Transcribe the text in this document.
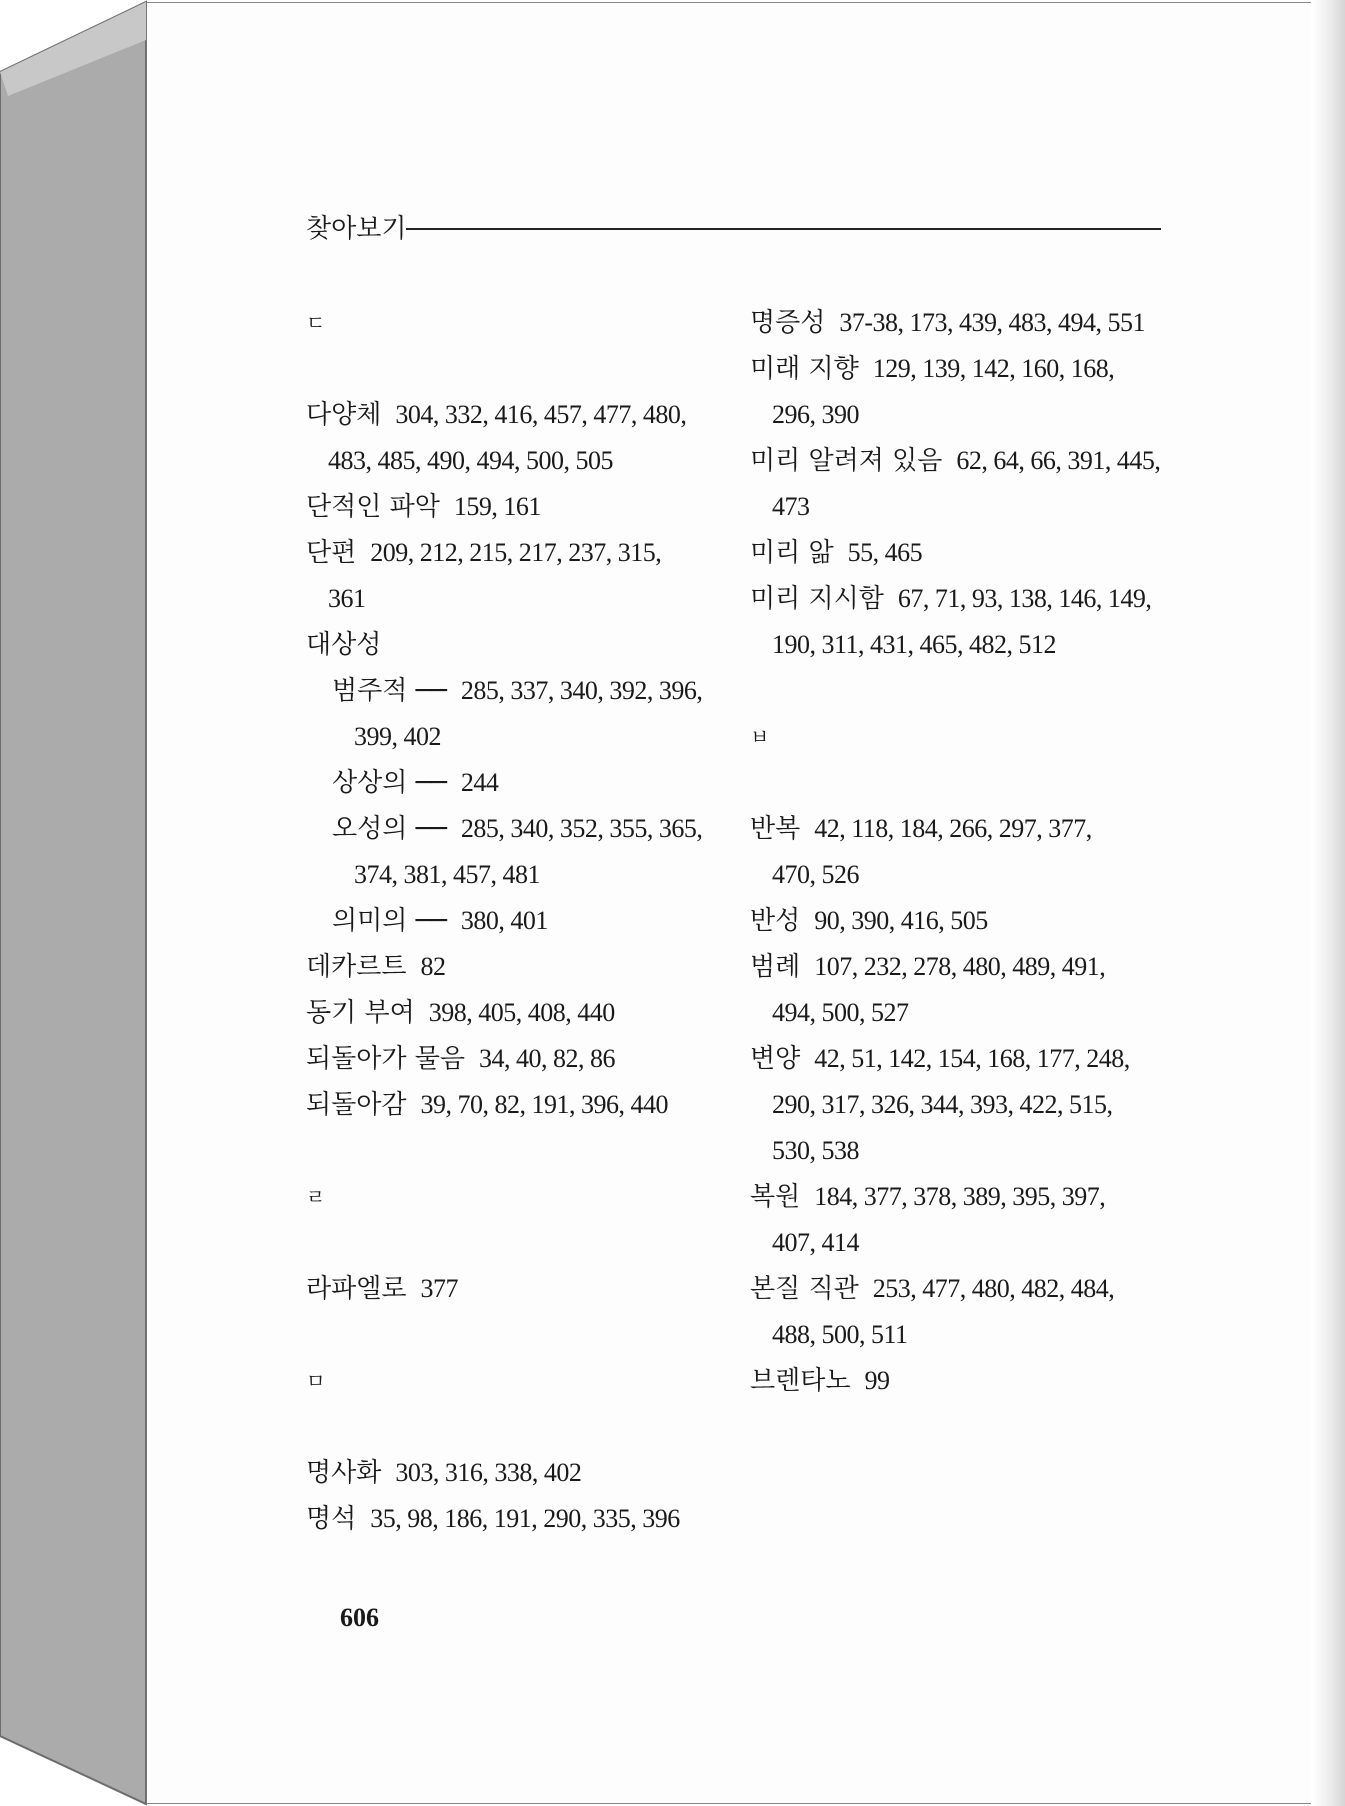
찾아보기
ㄷ
다양체 304, 332, 416, 457, 477, 480,
483, 485, 490, 494, 500, 505
단적인 파악 159, 161
단편 209, 212, 215, 217, 237, 315,
361
대상성
범주적 ── 285, 337, 340, 392, 396,
399, 402
상상의 ── 244
오성의 ── 285, 340, 352, 355, 365,
374, 381, 457, 481
의미의 ── 380, 401
데카르트 82
동기 부여 398, 405, 408, 440
되돌아가 물음 34, 40, 82, 86
되돌아감 39, 70, 82, 191, 396, 440
ㄹ
라파엘로 377
ㅁ
명사화 303, 316, 338, 402
명석 35, 98, 186, 191, 290, 335, 396
명증성 37-38, 173, 439, 483, 494, 551
미래 지향 129, 139, 142, 160, 168,
296, 390
미리 알려져 있음 62, 64, 66, 391, 445,
473
미리 앎 55, 465
미리 지시함 67, 71, 93, 138, 146, 149,
190, 311, 431, 465, 482, 512
ㅂ
반복 42, 118, 184, 266, 297, 377,
470, 526
반성 90, 390, 416, 505
범례 107, 232, 278, 480, 489, 491,
494, 500, 527
변양 42, 51, 142, 154, 168, 177, 248,
290, 317, 326, 344, 393, 422, 515,
530, 538
복원 184, 377, 378, 389, 395, 397,
407, 414
본질 직관 253, 477, 480, 482, 484,
488, 500, 511
브렌타노 99
606
